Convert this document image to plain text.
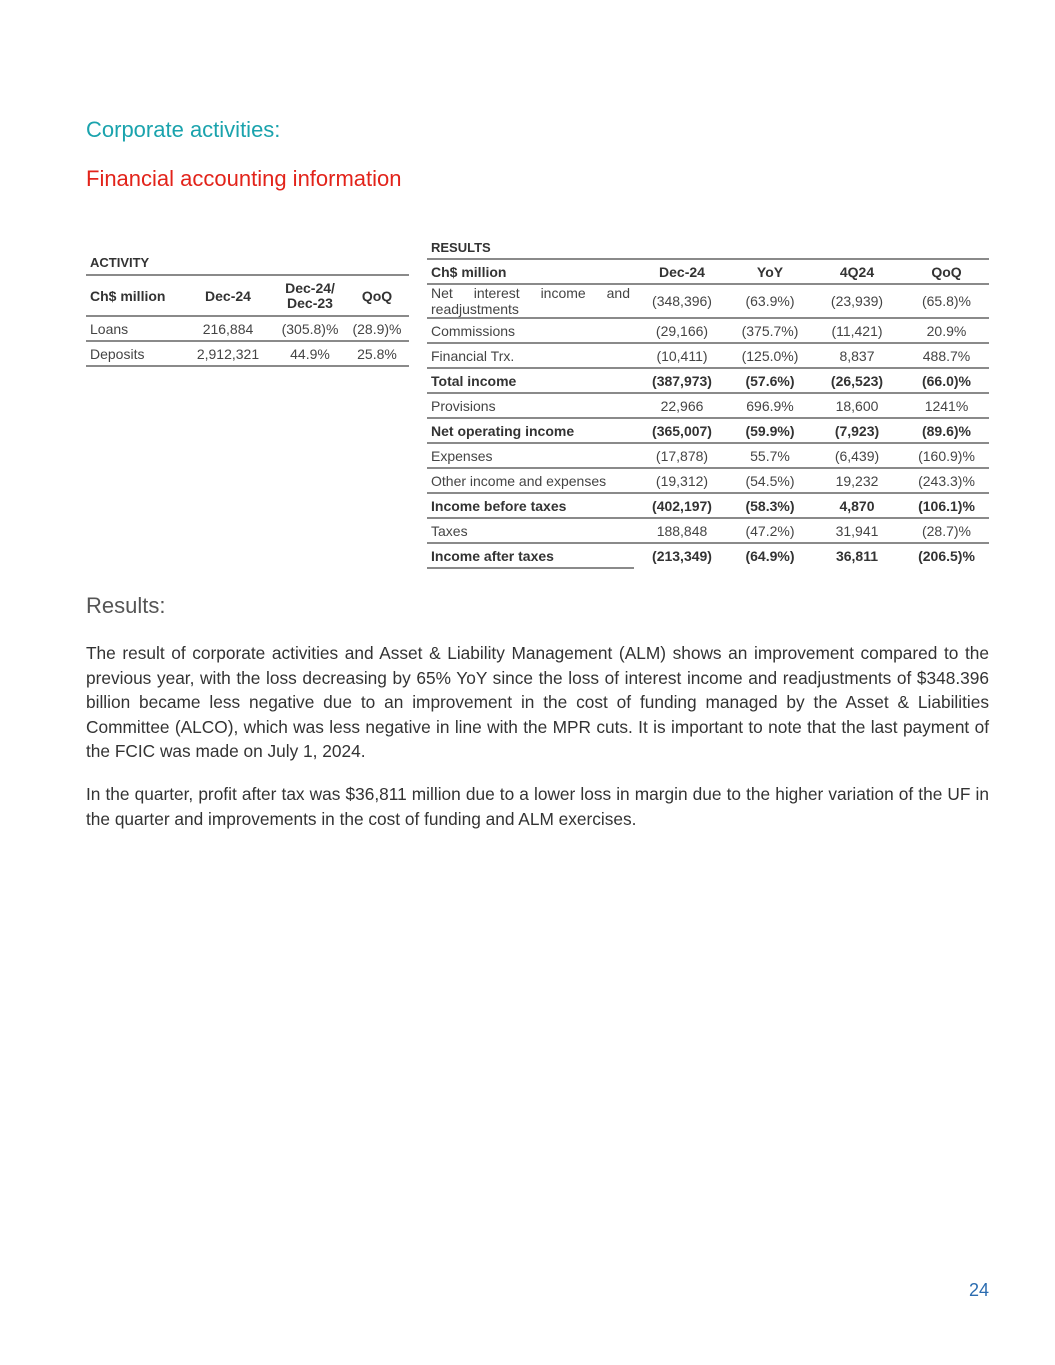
Corporate activities:
Financial accounting information
ACTIVITY			
Ch$ million	Dec-24	Dec-24/ Dec-23	QoQ
Loans	216,884	(305.8)%	(28.9)%
Deposits	2,912,321	44.9%	25.8%
RESULTS				
Ch$ million	Dec-24	YoY	4Q24	QoQ
Net interest income and readjustments	(348,396)	(63.9%)	(23,939)	(65.8)%
Commissions	(29,166)	(375.7%)	(11,421)	20.9%
Financial Trx.	(10,411)	(125.0%)	8,837	488.7%
Total income	(387,973)	(57.6%)	(26,523)	(66.0)%
Provisions	22,966	696.9%	18,600	1241%
Net operating income	(365,007)	(59.9%)	(7,923)	(89.6)%
Expenses	(17,878)	55.7%	(6,439)	(160.9)%
Other income and expenses	(19,312)	(54.5%)	19,232	(243.3)%
Income before taxes	(402,197)	(58.3%)	4,870	(106.1)%
Taxes	188,848	(47.2%)	31,941	(28.7)%
Income after taxes	(213,349)	(64.9%)	36,811	(206.5)%
Results:

The result of corporate activities and Asset & Liability Management (ALM) shows an improvement compared to the previous year, with the loss decreasing by 65% YoY since the loss of interest income and readjustments of $348.396 billion became less negative due to an improvement in the cost of funding managed by the Asset & Liabilities Committee (ALCO), which was less negative in line with the MPR cuts. It is important to note that the last payment of the FCIC was made on July 1, 2024.

In the quarter, profit after tax was $36,811 million due to a lower loss in margin due to the higher variation of the UF in the quarter and improvements in the cost of funding and ALM exercises.

24
